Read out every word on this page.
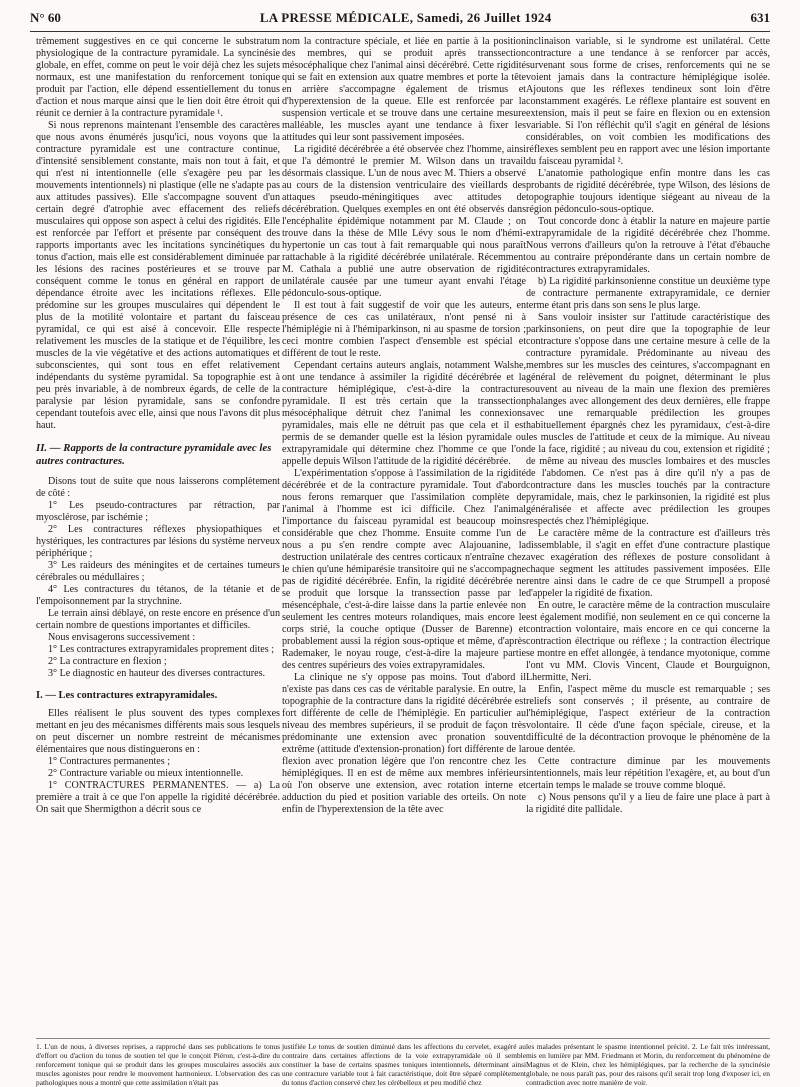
N° 60	LA PRESSE MÉDICALE, Samedi, 26 Juillet 1924	631

trêmement suggestives en ce qui concerne le substratum physiologique de la contracture pyramidale. La syncinésie globale, en effet, comme on peut le voir déjà chez les sujets normaux, est une manifestation du renforcement tonique produit par l'action, elle dépend essentiellement du tonus d'action et nous marque ainsi que le lien doit être étroit qui réunit ce dernier à la contracture pyramidale ¹.

Si nous reprenons maintenant l'ensemble des caractères que nous avons énumérés jusqu'ici, nous voyons que la contracture pyramidale est une contracture continue, d'intensité sensiblement constante, mais non tout à fait, et qui n'est ni intentionnelle (elle s'exagère peu par les mouvements intentionnels) ni plastique (elle ne s'adapte pas aux attitudes passives). Elle s'accompagne souvent d'un certain degré d'atrophie avec effacement des reliefs musculaires qui oppose son aspect à celui des rigidités. Elle est renforcée par l'effort et présente par conséquent des rapports importants avec les incitations syncinétiques du tonus d'action, mais elle est considérablement diminuée par les lésions des racines postérieures et se trouve par conséquent comme le tonus en général en rapport de dépendance étroite avec les incitations réflexes. Elle prédomine sur les groupes musculaires qui dépendent le plus de la motilité volontaire et partant du faisceau pyramidal, ce qui est aisé à concevoir. Elle respecte relativement les muscles de la statique et de l'équilibre, les muscles de la vie végétative et des actions automatiques et subconscientes, qui sont tous en effet relativement indépendants du système pyramidal. Sa topographie est à peu près invariable, à de nombreux égards, de celle de la paralysie par lésion pyramidale, sans se confondre cependant toutefois avec elle, ainsi que nous l'avons dit plus haut.

II. — Rapports de la contracture pyramidale avec les autres contractures.

Disons tout de suite que nous laisserons complètement de côté :

1° Les pseudo-contractures par rétraction, par myosclérose, par ischémie ;

2° Les contractures réflexes physiopathiques et hystériques, les contractures par lésions du système nerveux périphérique ;

3° Les raideurs des méningites et de certaines tumeurs cérébrales ou médullaires ;

4° Les contractures du tétanos, de la tétanie et de l'empoisonnement par la strychnine.

Le terrain ainsi déblayé, on reste encore en présence d'un certain nombre de questions importantes et difficiles.

Nous envisagerons successivement :

1° Les contractures extrapyramidales proprement dites ;

2° La contracture en flexion ;

3° Le diagnostic en hauteur des diverses contractures.

I. — Les contractures extrapyramidales.

Elles réalisent le plus souvent des types complexes mettant en jeu des mécanismes différents mais sous lesquels on peut discerner un nombre restreint de mécanismes élémentaires que nous distinguerons en :

1° Contractures permanentes ;

2° Contracture variable ou mieux intentionnelle.

1° CONTRACTURES PERMANENTES. — a) La première a trait à ce que l'on appelle la rigidité décérébrée. On sait que Shermigthon a décrit sous ce

nom la contracture spéciale, et liée en partie à la position des membres, qui se produit après transsection mésocéphalique chez l'animal ainsi décérébré. Cette rigidité qui se fait en extension aux quatre membres et porte la tête en arrière s'accompagne également de trismus et d'hyperextension de la queue. Elle est renforcée par la suspension verticale et se trouve dans une certaine mesure malléable, les muscles ayant une tendance à fixer les attitudes qui leur sont passivement imposées.

La rigidité décérébrée a été observée chez l'homme, ainsi que l'a démontré le premier M. Wilson dans un travail désormais classique. L'un de nous avec M. Thiers a observé au cours de la distension ventriculaire des vieillards des attaques pseudo-méningitiques avec attitudes de décérébration. Quelques exemples en ont été observés dans l'encéphalite épidémique notamment par M. Claude ; on trouve dans la thèse de Mlle Lévy sous le nom d'hémi-hypertonie un cas tout à fait remarquable qui nous paraît rattachable à la rigidité décérébrée unilatérale. Récemment M. Cathala a publié une autre observation de rigidité unilatérale causée par une tumeur ayant envahi l'étage pédonculo-sous-optique.

Il est tout à fait suggestif de voir que les auteurs, en présence de ces cas unilatéraux, n'ont pensé ni à l'hémiplégie ni à l'hémiparkinson, ni au spasme de torsion ; ceci montre combien l'aspect d'ensemble est spécial et différent de tout le reste.

Cependant certains auteurs anglais, notamment Walshe, ont une tendance à assimiler la rigidité décérébrée et la contracture hémiplégique, c'est-à-dire la contracture pyramidale. Il est très certain que la transsection mésocéphalique détruit chez l'animal les connexions pyramidales, mais elle ne détruit pas que cela et il est permis de se demander quelle est la lésion pyramidale ou extrapyramidale qui détermine chez l'homme ce que l'on appelle depuis Wilson l'attitude de la rigidité décérébrée.

L'expérimentation s'oppose à l'assimilation de la rigidité décérébrée et de la contracture pyramidale. Tout d'abord nous ferons remarquer que l'assimilation complète de l'animal à l'homme est ici difficile. Chez l'animal l'importance du faisceau pyramidal est beaucoup moins considérable que chez l'homme. Ensuite comme l'un de nous a pu s'en rendre compte avec Alajouanine, la destruction unilatérale des centres corticaux n'entraîne chez le chien qu'une hémiparésie transitoire qui ne s'accompagne pas de rigidité décérébrée. Enfin, la rigidité décérébrée ne se produit que lorsque la transsection passe par le mésencéphale, c'est-à-dire laisse dans la partie enlevée non seulement les centres moteurs rolandiques, mais encore le corps strié, la couche optique (Dusser de Barenne) et probablement aussi la région sous-optique et même, d'après Rademaker, le noyau rouge, c'est-à-dire la majeure partie des centres supérieurs des voies extrapyramidales.

La clinique ne s'y oppose pas moins. Tout d'abord il n'existe pas dans ces cas de véritable paralysie. En outre, la topographie de la contracture dans la rigidité décérébrée est fort différente de celle de l'hémiplégie. En particulier au niveau des membres supérieurs, il se produit de façon très prédominante une extension avec pronation souvent extrême (attitude d'extension-pronation) fort différente de la flexion avec pronation légère que l'on rencontre chez les hémiplégiques. Il en est de même aux membres inférieurs où l'on observe une extension, avec rotation interne et adduction du pied et position variable des orteils. On note enfin de l'hyperextension de la tête avec

inclinaison variable, si le syndrome est unilatéral. Cette contracture a une tendance à se renforcer par accès, survenant sous forme de crises, renforcements qui ne se voient jamais dans la contracture hémiplégique isolée. Ajoutons que les réflexes tendineux sont loin d'être constamment exagérés. Le réflexe plantaire est souvent en extension, mais il peut se faire en flexion ou en extension variable. Si l'on réfléchit qu'il s'agit en général de lésions considérables, on voit combien les modifications des réflexes semblent peu en rapport avec une lésion importante du faisceau pyramidal ².

L'anatomie pathologique enfin montre dans les cas probants de rigidité décérébrée, type Wilson, des lésions de topographie toujours identique siégeant au niveau de la région pédonculo-sous-optique.

Tout concorde donc à établir la nature en majeure partie extrapyramidale de la rigidité décérébrée chez l'homme. Nous verrons d'ailleurs qu'on la retrouve à l'état d'ébauche ou au contraire prépondérante dans un certain nombre de contractures extrapyramidales.

b) La rigidité parkinsonienne constitue un deuxième type de contracture permanente extrapyramidale, ce dernier terme étant pris dans son sens le plus large.

Sans vouloir insister sur l'attitude caractéristique des parkinsoniens, on peut dire que la topographie de leur contracture s'oppose dans une certaine mesure à celle de la contracture pyramidale. Prédominante au niveau des membres sur les muscles des ceintures, s'accompagnant en général de relèvement du poignet, déterminant le plus souvent au niveau de la main une flexion des premières phalanges avec allongement des deux dernières, elle frappe avec une remarquable prédilection les groupes habituellement épargnés chez les pyramidaux, c'est-à-dire les muscles de l'attitude et ceux de la mimique. Au niveau de la face, rigidité ; au niveau du cou, extension et rigidité ; de même au niveau des muscles lombaires et des muscles de l'abdomen. Ce n'est pas à dire qu'il n'y a pas de contracture dans les muscles touchés par la contracture pyramidale, mais, chez le parkinsonien, la rigidité est plus généralisée et affecte avec prédilection les groupes respectés chez l'hémiplégique.

Le caractère même de la contracture est d'ailleurs très dissemblable, il s'agit en effet d'une contracture plastique avec exagération des réflexes de posture consolidant à chaque segment les attitudes passivement imposées. Elle rentre ainsi dans le cadre de ce que Strumpell a proposé d'appeler la rigidité de fixation.

En outre, le caractère même de la contraction musculaire est également modifié, non seulement en ce qui concerne la contraction volontaire, mais encore en ce qui concerne la contraction électrique ou réflexe ; la contraction électrique se montre en effet allongée, à tendance myotonique, comme l'ont vu MM. Clovis Vincent, Claude et Bourguignon, Lhermitte, Neri.

Enfin, l'aspect même du muscle est remarquable ; ses reliefs sont conservés ; il présente, au contraire de l'hémiplégique, l'aspect extérieur de la contraction volontaire. Il cède d'une façon spéciale, cireuse, et la difficulté de la décontraction provoque le phénomène de la roue dentée.

Cette contracture diminue par les mouvements intentionnels, mais leur répétition l'exagère, et, au bout d'un certain temps le malade se trouve comme bloqué.

c) Nous pensons qu'il y a lieu de faire une place à part à la rigidité dite pallidale.

1. L'un de nous, à diverses reprises, a rapproché dans ses publications le tonus d'effort ou d'action du tonus de soutien tel que le conçoit Piéron, c'est-à-dire du renforcement tonique qui se produit dans les groupes musculaires associés aux muscles agonistes pour rendre le mouvement harmonieux. L'observation des cas pathologiques nous a montré que cette assimilation n'était pas
justifiée Le tonus de soutien diminué dans les affections du cervelet, exagéré au contraire dans certaines affections de la voie extrapyramidale où il semble constituer la base de certains spasmes toniques intentionnels, déterminant ainsi une contracture variable tout à fait caractéristique, doit être séparé complètement du tonus d'action conservé chez les cérébelleux et peu modifié chez
les malades présentant le spasme intentionnel précité. 2. Le fait très intéressant, mis en lumière par MM. Friedmann et Morin, du renforcement du phénomène de Magnus et de Klein, chez les hémiplégiques, par la recherche de la syncinésie globale, ne nous paraît pas, pour des raisons qu'il serait trop long d'exposer ici, en contradiction avec notre manière de voir.
